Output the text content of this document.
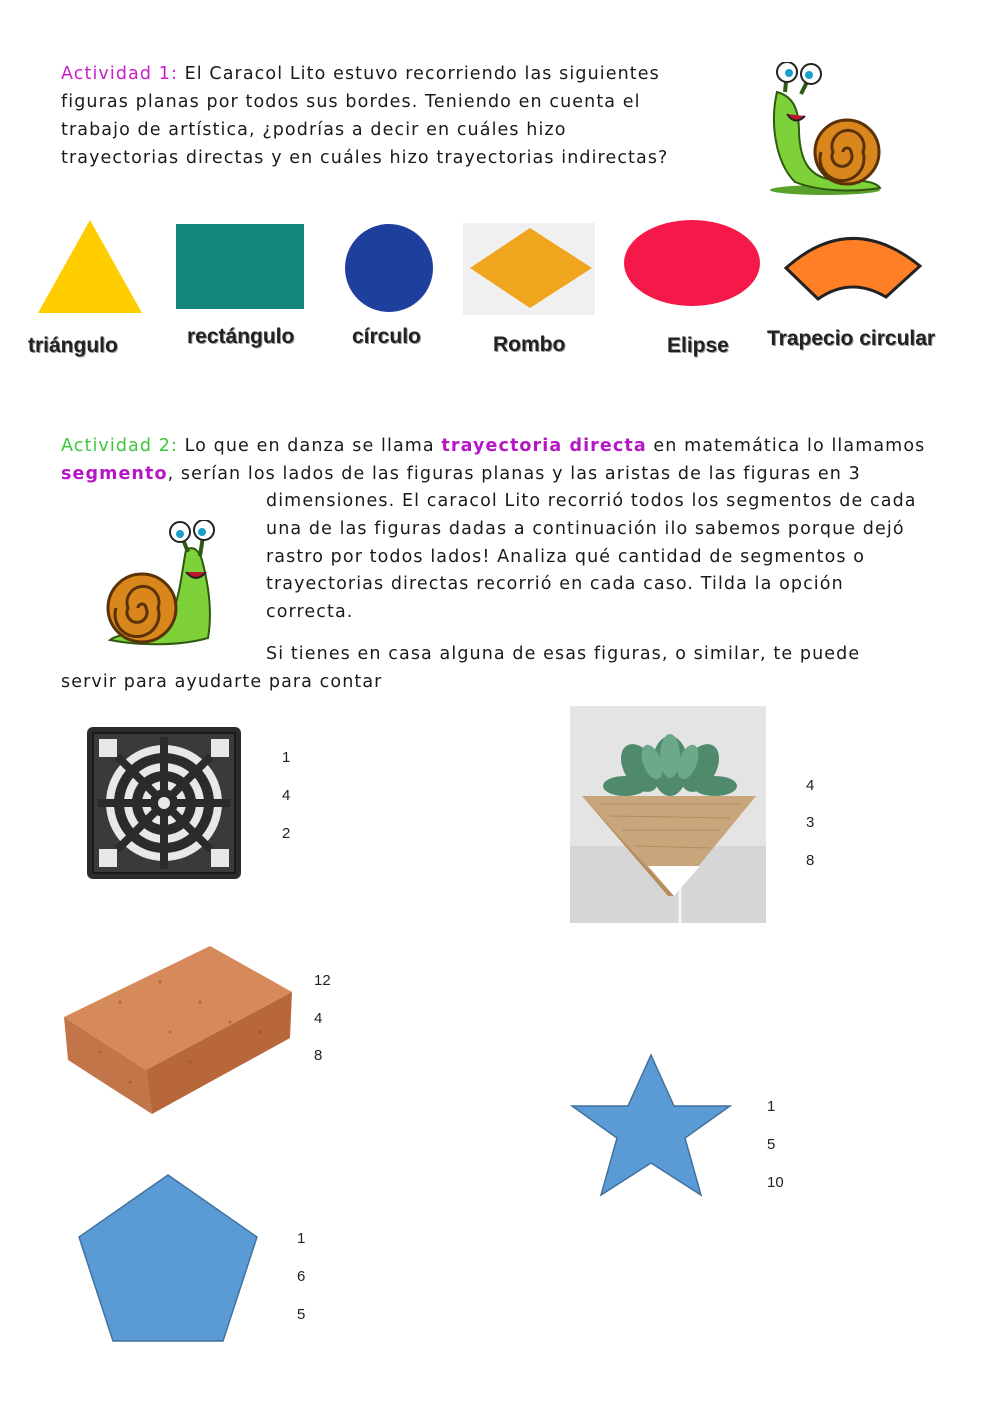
Actividad 1: El Caracol Lito estuvo recorriendo las siguientes
figuras planas por todos sus bordes. Teniendo en cuenta el
trabajo de artística, ¿podrías a decir en cuáles hizo
trayectorias directas y en cuáles hizo trayectorias indirectas?
triángulo	rectángulo	círculo	Rombo	Elipse Trapecio circular
Actividad 2: Lo que en danza se llama trayectoria directa en matemática lo llamamos
segmento, serían los lados de las figuras planas y las aristas de las figuras en 3
dimensiones. El caracol Lito recorrió todos los segmentos de cada
una de las figuras dadas a continuación ilo sabemos porque dejó
rastro por todos lados! Analiza qué cantidad de segmentos o
trayectorias directas recorrió en cada caso. Tilda la opción
correcta.
Si tienes en casa alguna de esas figuras, o similar, te puede
servir para ayudarte para contar
1
4
2
4
3
8
12
4
8
1
5
10
1
6
5
